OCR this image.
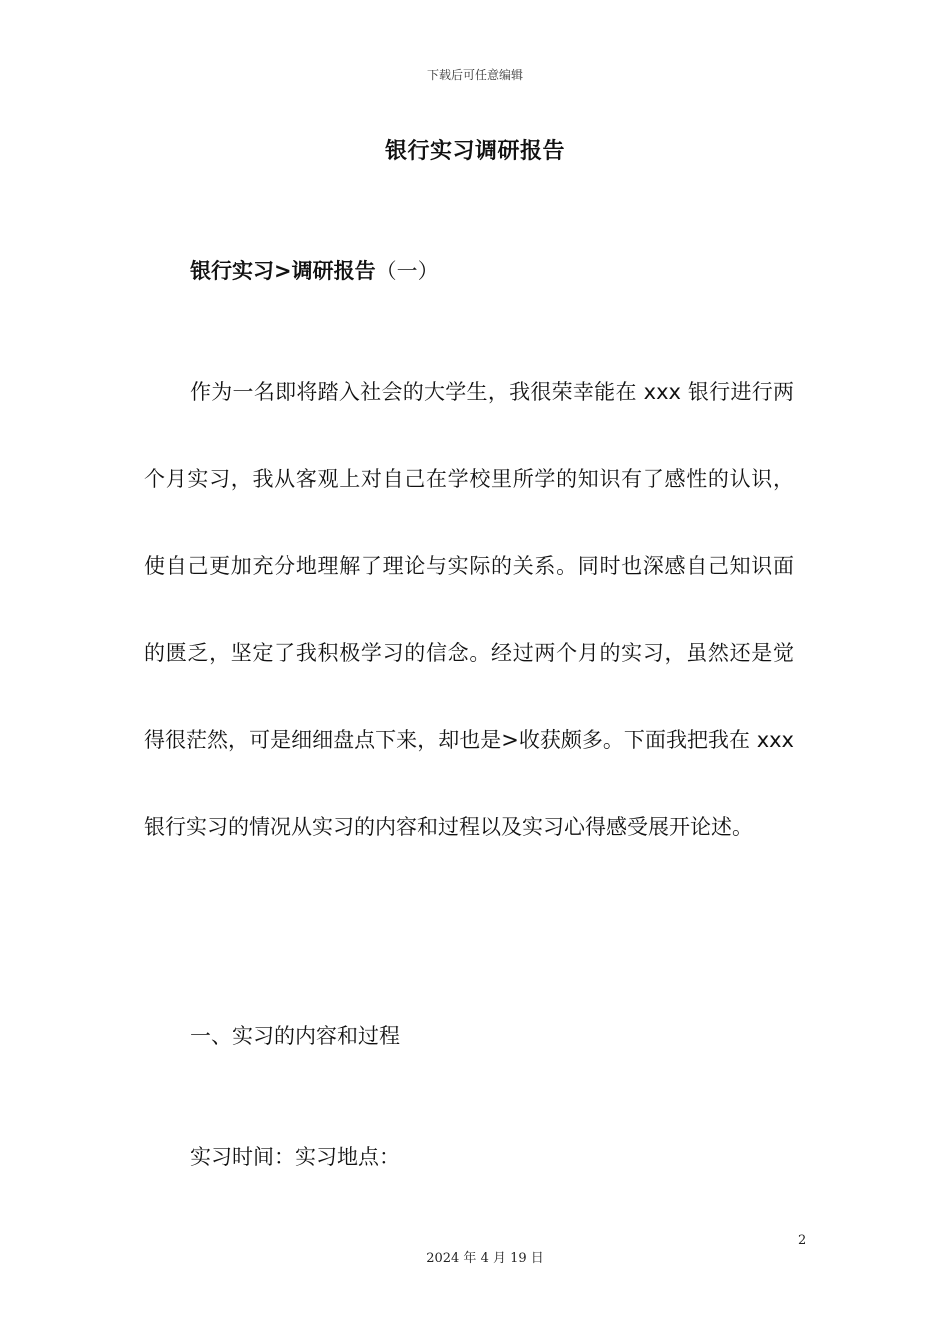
下载后可任意编辑
银行实习调研报告
银行实习>调研报告（一）

作为一名即将踏入社会的大学生，我很荣幸能在 xxx 银行进行两个月实习，我从客观上对自己在学校里所学的知识有了感性的认识，使自己更加充分地理解了理论与实际的关系。同时也深感自己知识面的匮乏，坚定了我积极学习的信念。经过两个月的实习，虽然还是觉得很茫然，可是细细盘点下来，却也是>收获颇多。下面我把我在 xxx 银行实习的情况从实习的内容和过程以及实习心得感受展开论述。

一、实习的内容和过程
实习时间：实习地点：
2
2024 年 4 月 19 日
